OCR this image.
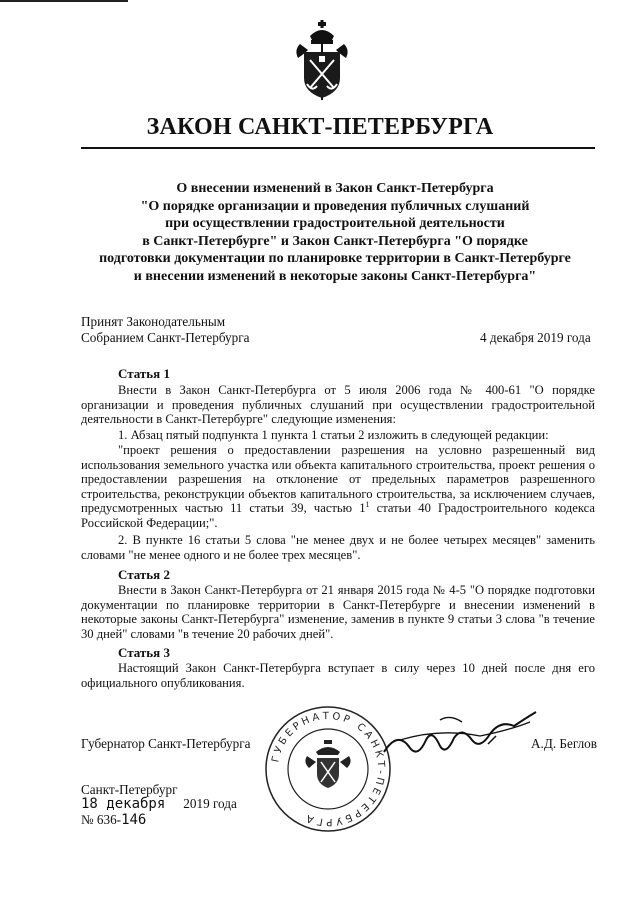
ЗАКОН САНКТ-ПЕТЕРБУРГА
О внесении изменений в Закон Санкт-Петербурга
"О порядке организации и проведения публичных слушаний
при осуществлении градостроительной деятельности
в Санкт-Петербурге" и Закон Санкт-Петербурга "О порядке
подготовки документации по планировке территории в Санкт-Петербурге
и внесении изменений в некоторые законы Санкт-Петербурга"
Принят Законодательным
Собранием Санкт-Петербурга	4 декабря 2019 года
Статья 1

Внести в Закон Санкт-Петербурга от 5 июля 2006 года № 400-61 "О порядке организации и проведения публичных слушаний при осуществлении градостроительной деятельности в Санкт-Петербурге" следующие изменения:

1. Абзац пятый подпункта 1 пункта 1 статьи 2 изложить в следующей редакции:

"проект решения о предоставлении разрешения на условно разрешенный вид использования земельного участка или объекта капитального строительства, проект решения о предоставлении разрешения на отклонение от предельных параметров разрешенного строительства, реконструкции объектов капитального строительства, за исключением случаев, предусмотренных частью 11 статьи 39, частью $1^1$ статьи 40 Градостроительного кодекса Российской Федерации;".

2. В пункте 16 статьи 5 слова "не менее двух и не более четырех месяцев" заменить словами "не менее одного и не более трех месяцев".

Статья 2

Внести в Закон Санкт-Петербурга от 21 января 2015 года № 4-5 "О порядке подготовки документации по планировке территории в Санкт-Петербурге и внесении изменений в некоторые законы Санкт-Петербурга" изменение, заменив в пункте 9 статьи 3 слова "в течение 30 дней" словами "в течение 20 рабочих дней".

Статья 3

Настоящий Закон Санкт-Петербурга вступает в силу через 10 дней после дня его официального опубликования.

ГУБЕРНАТОР САНКТ-ПЕТЕРБУРГА
Губернатор Санкт-Петербурга	А.Д. Беглов
Санкт-Петербург
18 декабря 2019 года
№ 636-146
